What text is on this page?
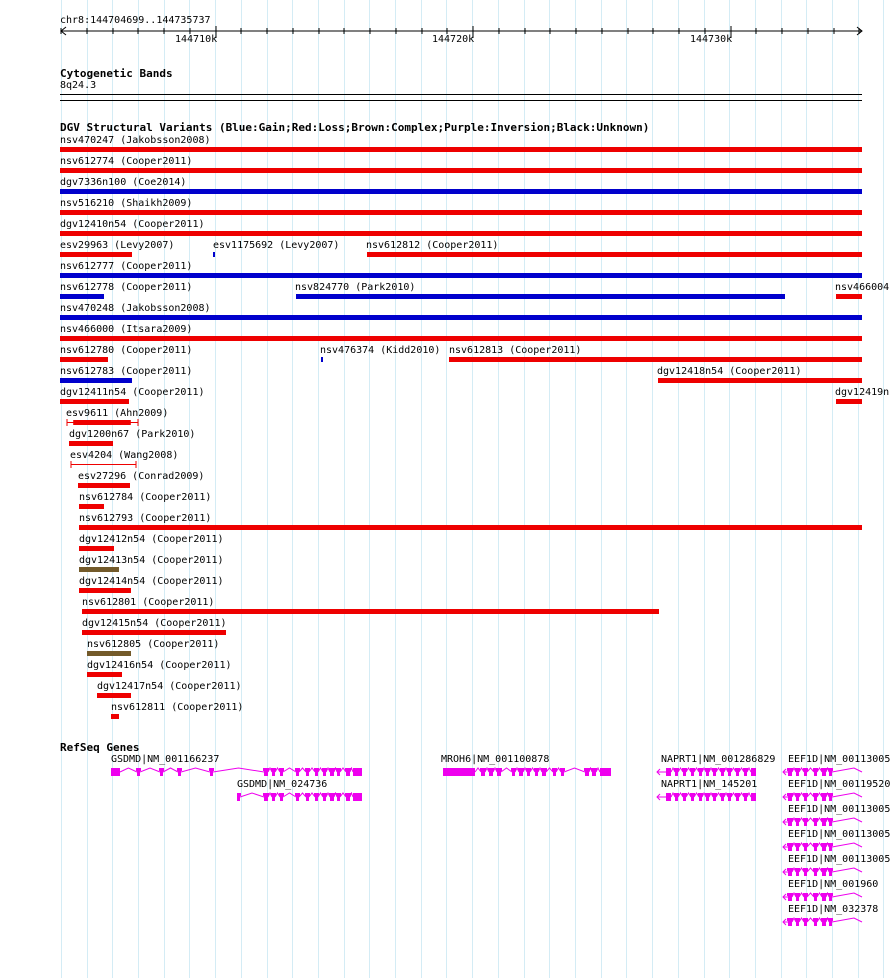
chr8:144704699..144735737
144710k	144720k	144730k
Cytogenetic Bands
8q24.3
DGV Structural Variants (Blue:Gain;Red:Loss;Brown:Complex;Purple:Inversion;Black:Unknown)
nsv470247 (Jakobsson2008)
nsv612774 (Cooper2011)
dgv7336n100 (Coe2014)
nsv516210 (Shaikh2009)
dgv12410n54 (Cooper2011)
esv29963 (Levy2007)	esv1175692 (Levy2007)	nsv612812 (Cooper2011)
nsv612777 (Cooper2011)
nsv612778 (Cooper2011)	nsv824770 (Park2010)	nsv466004
nsv470248 (Jakobsson2008)
nsv466000 (Itsara2009)
nsv612780 (Cooper2011)	nsv476374 (Kidd2010) nsv612813 (Cooper2011)
nsv612783 (Cooper2011)	dgv12418n54 (Cooper2011)
dgv12411n54 (Cooper2011)	dgv12419n
esv9611 (Ahn2009)
dgv1200n67 (Park2010)
esv4204 (Wang2008)
esv27296 (Conrad2009)
nsv612784 (Cooper2011)
nsv612793 (Cooper2011)
dgv12412n54 (Cooper2011)
dgv12413n54 (Cooper2011)
dgv12414n54 (Cooper2011)
nsv612801 (Cooper2011)
dgv12415n54 (Cooper2011)
nsv612805 (Cooper2011)
dgv12416n54 (Cooper2011)
dgv12417n54 (Cooper2011)
nsv612811 (Cooper2011)
RefSeq Genes
GSDMD|NM_001166237
GSDMD|NM_024736
MROH6|NM_001100878	NAPRT1|NM_001286829
NAPRT1|NM_145201
EEF1D|NM_00113005
EEF1D|NM_00119520
EEF1D|NM_00113005
EEF1D|NM_00113005
EEF1D|NM_00113005
EEF1D|NM_001960
EEF1D|NM_032378
